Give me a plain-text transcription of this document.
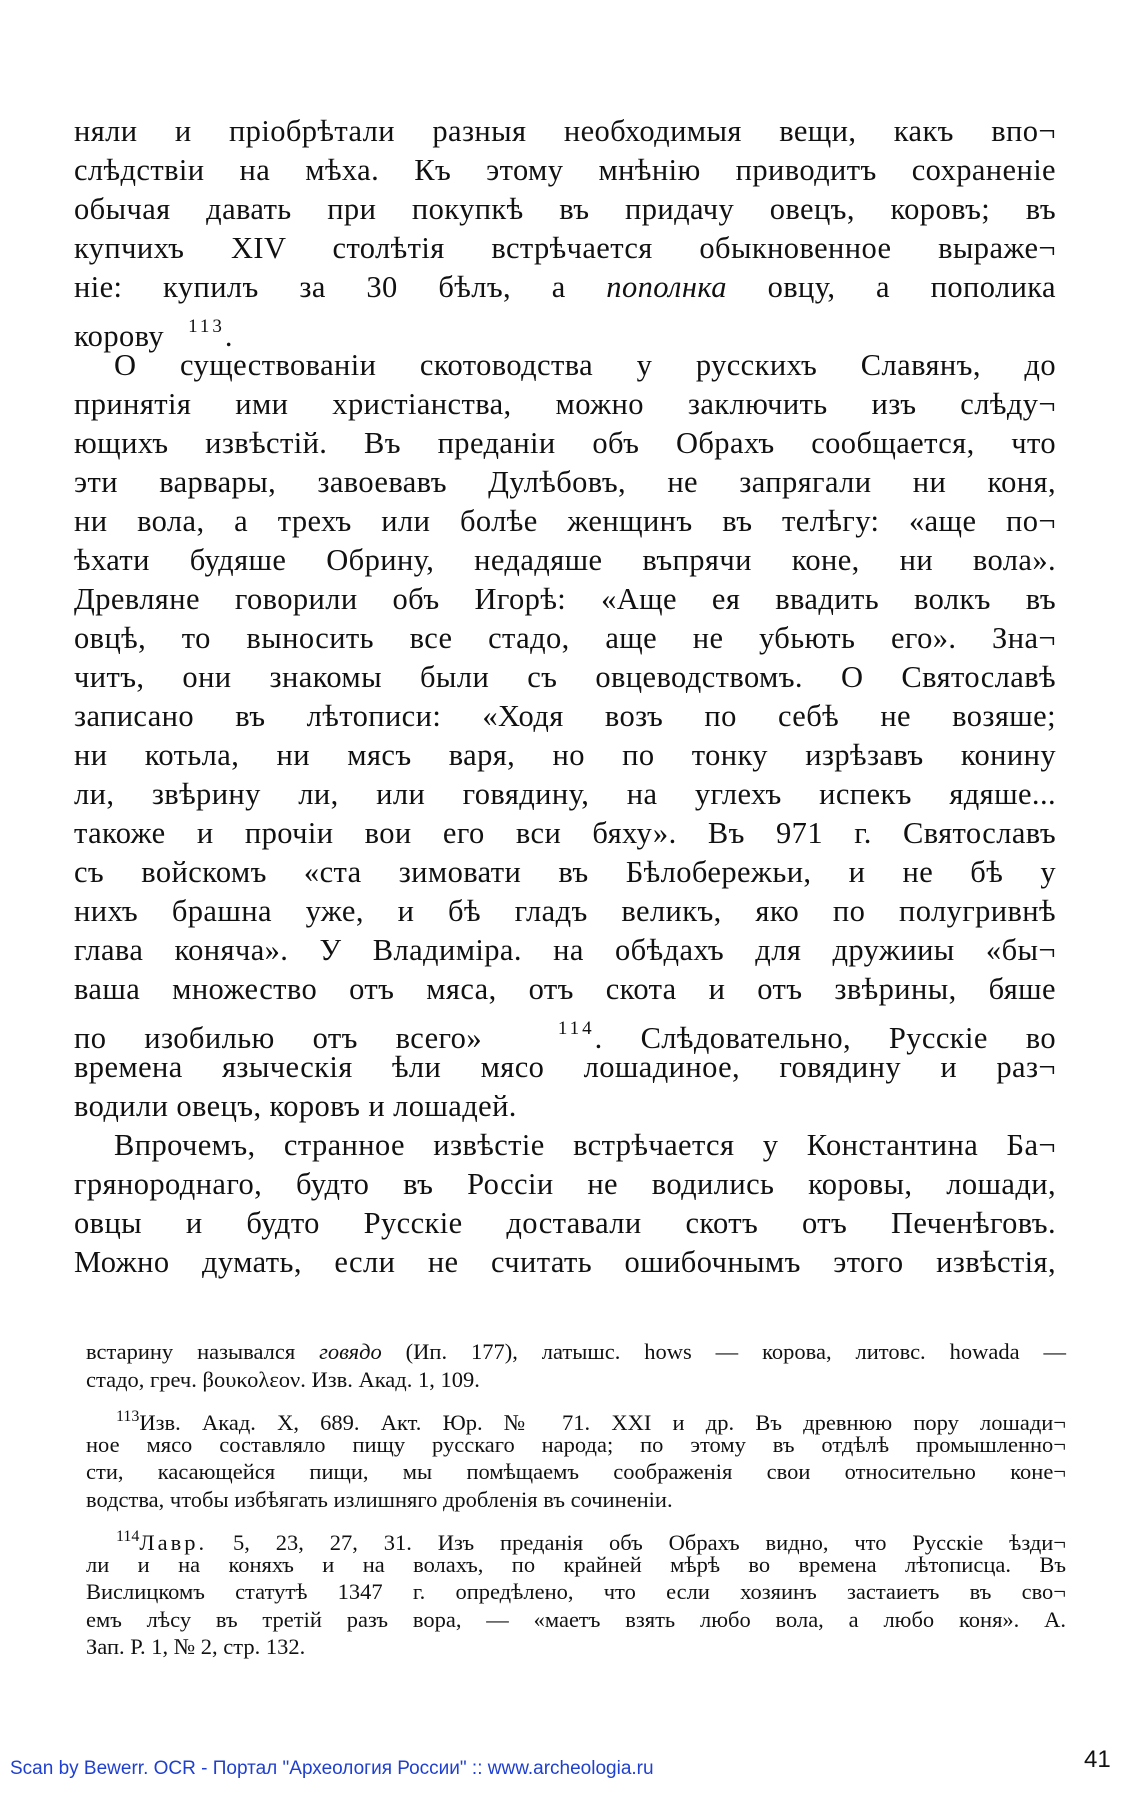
няли и пріобрѣтали разныя необходимыя вещи, какъ впо¬
слѣдствіи на мѣха. Къ этому мнѣнію приводитъ сохраненіе
обычая давать при покупкѣ въ придачу овецъ, коровъ; въ
купчихъ XIV столѣтія встрѣчается обыкновенное выраже¬
ніе: купилъ за 30 бѣлъ, а пополнка овцу, а пополика
корову $^{113}$.
О существованіи скотоводства у русскихъ Славянъ, до
принятія ими христіанства, можно заключить изъ слѣду¬
ющихъ извѣстій. Въ преданіи объ Обрахъ сообщается, что
эти варвары, завоевавъ Дулѣбовъ, не запрягали ни коня,
ни вола, а трехъ или болѣе женщинъ въ телѣгу: «аще по¬
ѣхати будяше Обрину, недадяше въпрячи коне, ни вола».
Древляне говорили объ Игорѣ: «Аще ея ввадить волкъ въ
овцѣ, то выносить все стадо, аще не убьють его». Зна¬
читъ, они знакомы были съ овцеводствомъ. О Святославѣ
записано въ лѣтописи: «Ходя возъ по себѣ не возяше;
ни котьла, ни мясъ варя, но по тонку изрѣзавъ конину
ли, звѣрину ли, или говядину, на углехъ испекъ ядяше...
такоже и прочіи вои его вси бяху». Въ 971 г. Святославъ
съ войскомъ «ста зимовати въ Бѣлобережьи, и не бѣ у
нихъ брашна уже, и бѣ гладъ великъ, яко по полугривнѣ
глава коняча». У Владиміра. на обѣдахъ для дружииы «бы¬
ваша множество отъ мяса, отъ скота и отъ звѣрины, бяше
по изобилью отъ всего»	$^{114}$. Слѣдовательно, Русскіе во
времена языческія ѣли мясо лошадиное, говядину и раз¬
водили овецъ, коровъ и лошадей.
Впрочемъ, странное извѣстіе встрѣчается у Константина Ба¬
грянороднаго, будто въ Россіи не водились коровы, лошади,
овцы и будто Русскіе доставали скотъ отъ Печенѣговъ.
Можно думать, если не считать ошибочнымъ этого извѣстія,
встарину назывался говядо (Ип. 177), латышс. hows — корова, литовс. howada —
стадо, греч. βουκολεον. Изв. Акад. 1, 109.
$^{113}$Изв. Акад. X, 689. Акт. Юр. № 71. XXI и др. Въ древнюю пору лошади¬
ное мясо составляло пищу русскаго народа; по этому въ отдѣлѣ промышленно¬
сти, касающейся пищи, мы помѣщаемъ соображенія свои относительно коне¬
водства, чтобы избѣягать излишняго дробленія въ сочиненіи.
$^{114}$Лавр. 5, 23, 27, 31. Изъ преданія объ Обрахъ видно, что Русскіе ѣзди¬
ли и на коняхъ и на волахъ, по крайней мѣрѣ во времена лѣтописца. Въ
Вислицкомъ статутѣ 1347 г. опредѣлено, что если хозяинъ застаиетъ въ сво¬
емъ лѣсу въ третій разъ вора, — «маетъ взять любо вола, а любо коня». А.
Зап. Р. 1, № 2, стр. 132.
Scan by Bewerr. OCR - Портал "Археология России" :: www.archeologia.ru	41
